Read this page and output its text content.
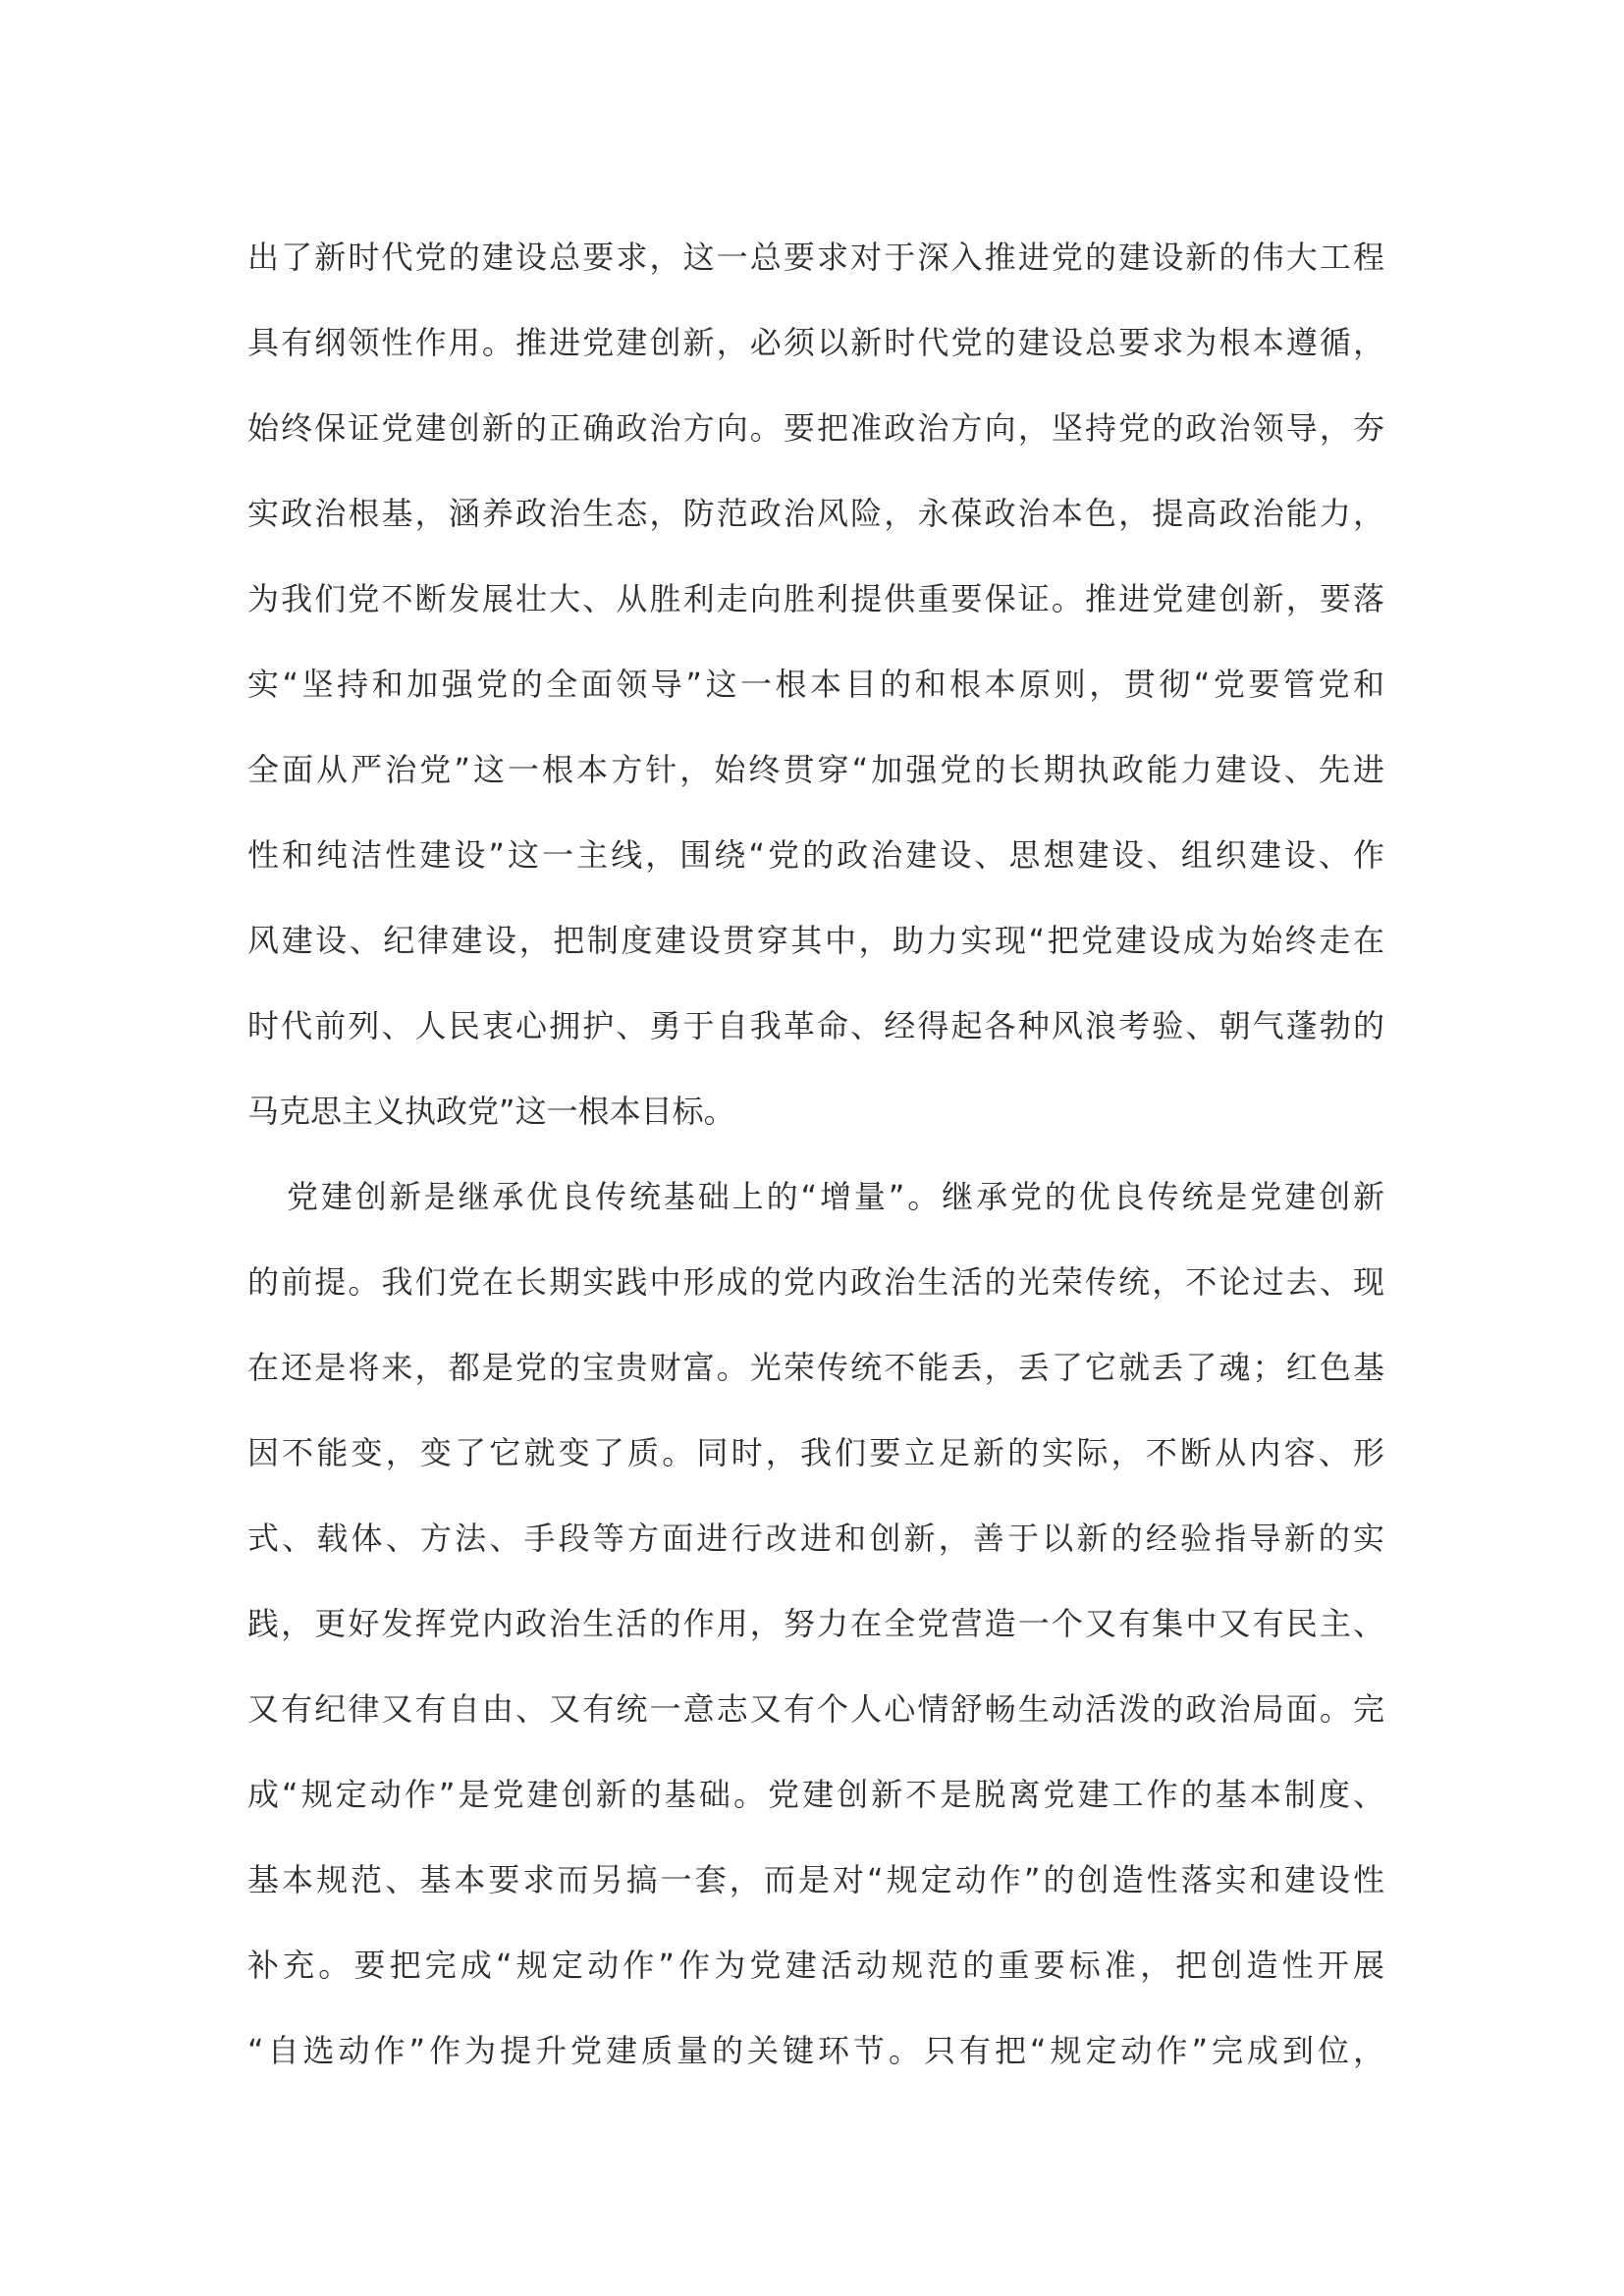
出了新时代党的建设总要求，这一总要求对于深入推进党的建设新的伟大工程
具有纲领性作用。推进党建创新，必须以新时代党的建设总要求为根本遵循，
始终保证党建创新的正确政治方向。要把准政治方向，坚持党的政治领导，夯
实政治根基，涵养政治生态，防范政治风险，永葆政治本色，提高政治能力，
为我们党不断发展壮大、从胜利走向胜利提供重要保证。推进党建创新，要落
实“坚持和加强党的全面领导”这一根本目的和根本原则，贯彻“党要管党和
全面从严治党”这一根本方针，始终贯穿“加强党的长期执政能力建设、先进
性和纯洁性建设”这一主线，围绕“党的政治建设、思想建设、组织建设、作
风建设、纪律建设，把制度建设贯穿其中，助力实现“把党建设成为始终走在
时代前列、人民衷心拥护、勇于自我革命、经得起各种风浪考验、朝气蓬勃的
马克思主义执政党”这一根本目标。
党建创新是继承优良传统基础上的“增量”。继承党的优良传统是党建创新
的前提。我们党在长期实践中形成的党内政治生活的光荣传统，不论过去、现
在还是将来，都是党的宝贵财富。光荣传统不能丢，丢了它就丢了魂；红色基
因不能变，变了它就变了质。同时，我们要立足新的实际，不断从内容、形
式、载体、方法、手段等方面进行改进和创新，善于以新的经验指导新的实
践，更好发挥党内政治生活的作用，努力在全党营造一个又有集中又有民主、
又有纪律又有自由、又有统一意志又有个人心情舒畅生动活泼的政治局面。完
成“规定动作”是党建创新的基础。党建创新不是脱离党建工作的基本制度、
基本规范、基本要求而另搞一套，而是对“规定动作”的创造性落实和建设性
补充。要把完成“规定动作”作为党建活动规范的重要标准，把创造性开展
“自选动作”作为提升党建质量的关键环节。只有把“规定动作”完成到位，
